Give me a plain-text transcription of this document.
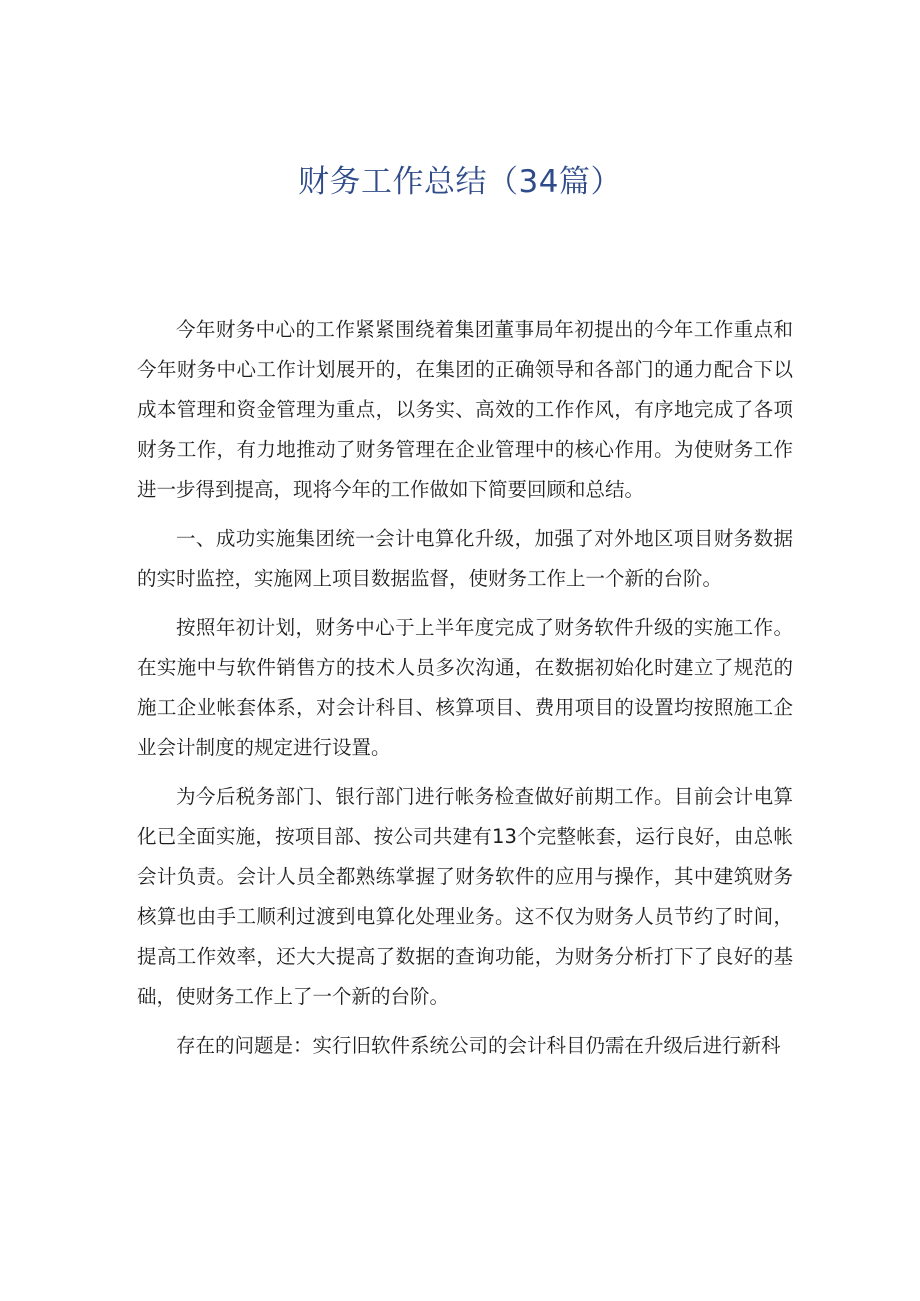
财务工作总结（34篇）

今年财务中心的工作紧紧围绕着集团董事局年初提出的今年工作重点和今年财务中心工作计划展开的，在集团的正确领导和各部门的通力配合下以成本管理和资金管理为重点，以务实、高效的工作作风，有序地完成了各项财务工作，有力地推动了财务管理在企业管理中的核心作用。为使财务工作进一步得到提高，现将今年的工作做如下简要回顾和总结。

一、成功实施集团统一会计电算化升级，加强了对外地区项目财务数据的实时监控，实施网上项目数据监督，使财务工作上一个新的台阶。

按照年初计划，财务中心于上半年度完成了财务软件升级的实施工作。在实施中与软件销售方的技术人员多次沟通，在数据初始化时建立了规范的施工企业帐套体系，对会计科目、核算项目、费用项目的设置均按照施工企业会计制度的规定进行设置。

为今后税务部门、银行部门进行帐务检查做好前期工作。目前会计电算化已全面实施，按项目部、按公司共建有13个完整帐套，运行良好，由总帐会计负责。会计人员全都熟练掌握了财务软件的应用与操作，其中建筑财务核算也由手工顺利过渡到电算化处理业务。这不仅为财务人员节约了时间，提高工作效率，还大大提高了数据的查询功能，为财务分析打下了良好的基础，使财务工作上了一个新的台阶。

存在的问题是：实行旧软件系统公司的会计科目仍需在升级后进行新科
